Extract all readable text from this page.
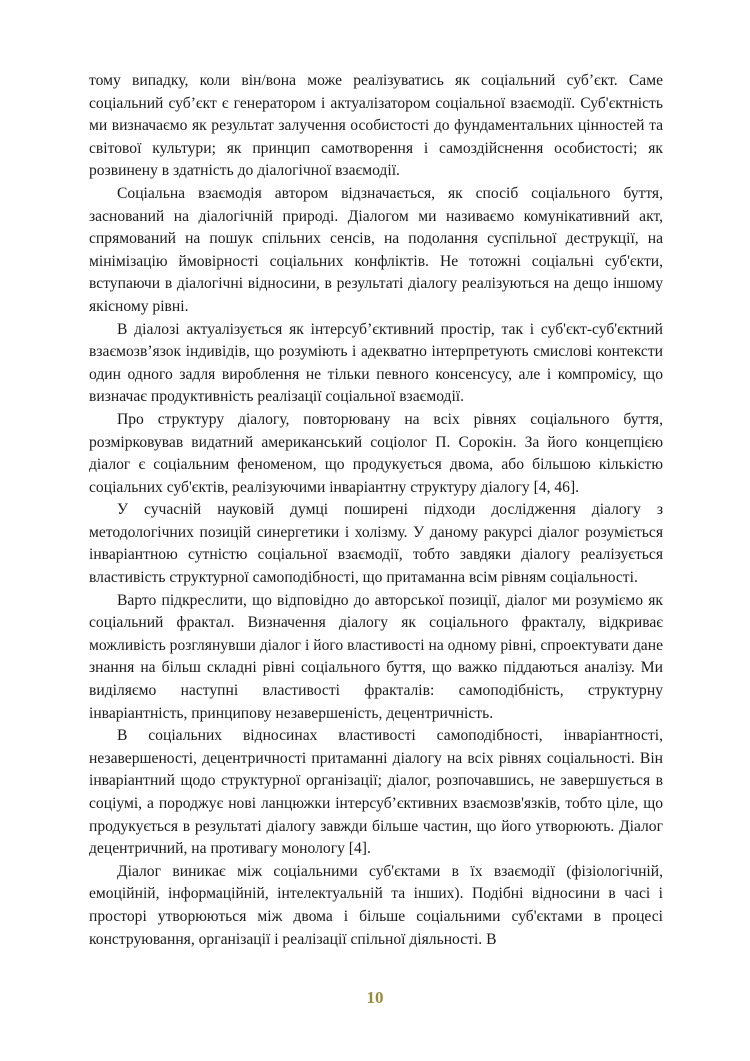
тому випадку, коли він/вона може реалізуватись як соціальний суб’єкт. Саме соціальний суб’єкт є генератором і актуалізатором соціальної взаємодії. Суб'єктність ми визначаємо як результат залучення особистості до фундаментальних цінностей та світової культури; як принцип самотворення і самоздійснення особистості; як розвинену в здатність до діалогічної взаємодії.

Соціальна взаємодія автором відзначається, як спосіб соціального буття, заснований на діалогічній природі. Діалогом ми називаємо комунікативний акт, спрямований на пошук спільних сенсів, на подолання суспільної деструкції, на мінімізацію ймовірності соціальних конфліктів. Не тотожні соціальні суб'єкти, вступаючи в діалогічні відносини, в результаті діалогу реалізуються на дещо іншому якісному рівні.

В діалозі актуалізується як інтерсуб’єктивний простір, так і суб'єкт-суб'єктний взаємозв’язок індивідів, що розуміють і адекватно інтерпретують смислові контексти один одного задля вироблення не тільки певного консенсусу, але і компромісу, що визначає продуктивність реалізації соціальної взаємодії.

Про структуру діалогу, повторювану на всіх рівнях соціального буття, розмірковував видатний американський соціолог П. Сорокін. За його концепцією діалог є соціальним феноменом, що продукується двома, або більшою кількістю соціальних суб'єктів, реалізуючими інваріантну структуру діалогу [4, 46].

У сучасній науковій думці поширені підходи дослідження діалогу з методологічних позицій синергетики і холізму. У даному ракурсі діалог розуміється інваріантною сутністю соціальної взаємодії, тобто завдяки діалогу реалізується властивість структурної самоподібності, що притаманна всім рівням соціальності.

Варто підкреслити, що відповідно до авторської позиції, діалог ми розуміємо як соціальний фрактал. Визначення діалогу як соціального фракталу, відкриває можливість розглянувши діалог і його властивості на одному рівні, спроектувати дане знання на більш складні рівні соціального буття, що важко піддаються аналізу. Ми виділяємо наступні властивості фракталів: самоподібність, структурну інваріантність, принципову незавершеність, децентричність.

В соціальних відносинах властивості самоподібності, інваріантності, незавершеності, децентричності притаманні діалогу на всіх рівнях соціальності. Він інваріантний щодо структурної організації; діалог, розпочавшись, не завершується в соціумі, а породжує нові ланцюжки інтерсуб’єктивних взаємозв'язків, тобто ціле, що продукується в результаті діалогу завжди більше частин, що його утворюють. Діалог децентричний, на противагу монологу [4].

Діалог виникає між соціальними суб'єктами в їх взаємодії (фізіологічній, емоційній, інформаційній, інтелектуальній та інших). Подібні відносини в часі і просторі утворюються між двома і більше соціальними суб'єктами в процесі конструювання, організації і реалізації спільної діяльності. В

10
